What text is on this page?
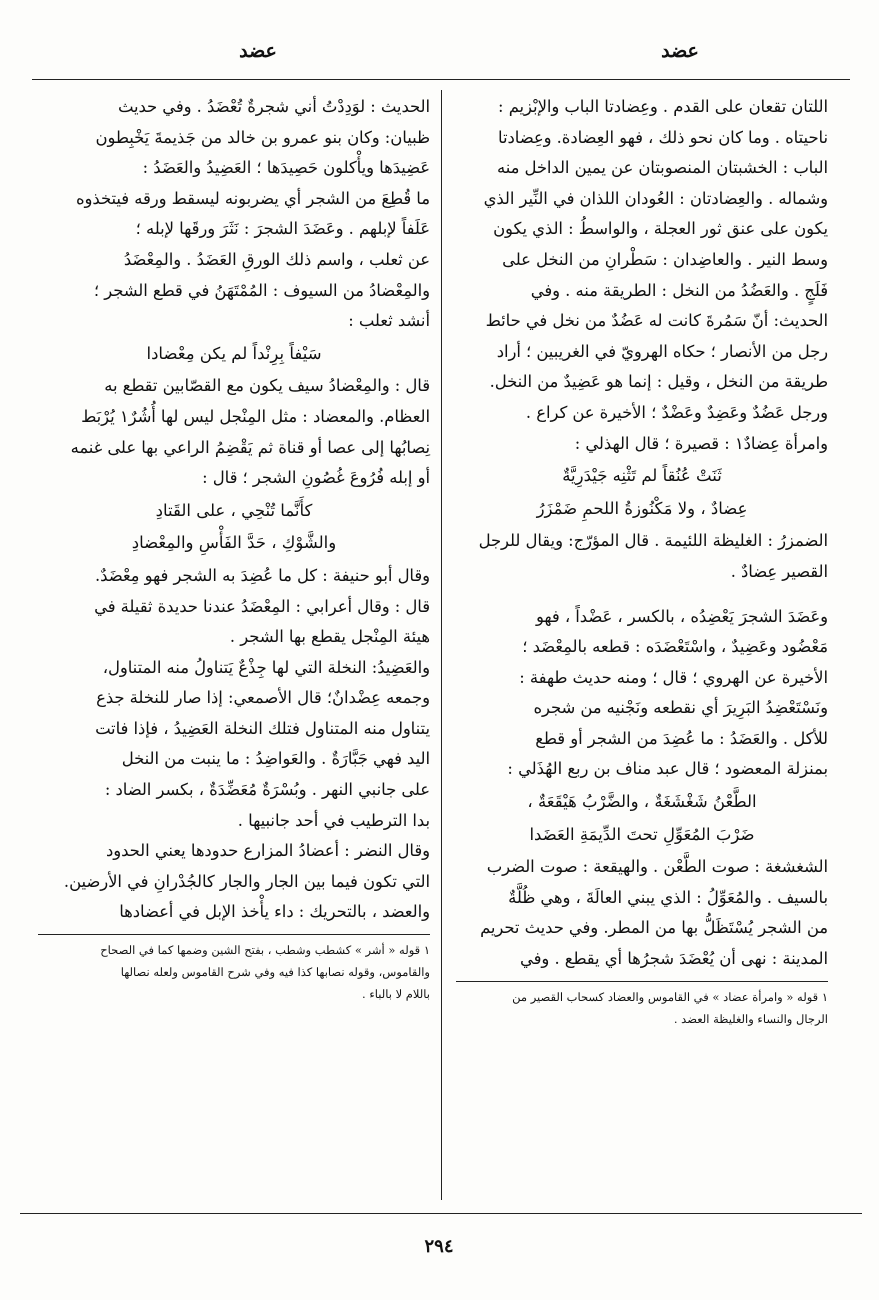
عضد
عضد

اللتان تقعان على القدم . وعِضادتا الباب والإبْزيم :

ناحيتاه . وما كان نحو ذلك ، فهو العِضادة. وعِضادتا

الباب : الخشبتان المنصوبتان عن يمين الداخل منه

وشماله . والعِضادتان : العُودان اللذان في النِّير الذي

يكون على عنق ثور العجلة ، والواسطُ : الذي يكون

وسط النير . والعاضِدان : سَطْرانِ من النخل على

فَلَجٍ . والعَضُدُ من النخل : الطريقة منه . وفي

الحديث: أنّ سَمُرةَ كانت له عَضُدٌ من نخل في حائط

رجل من الأنصار ؛ حكاه الهرويّ في الغريبين ؛ أراد

طريقة من النخل ، وقيل : إنما هو عَضِيدٌ من النخل.

ورجل عَضُدٌ وعَضِدٌ وعَضْدٌ ؛ الأخيرة عن كراع .

وامرأة عِضادٌ١ : قصيرة ؛ قال الهذلي :

ثَنَتْ عُنُقاً لم تَثْنِه جَيْدَرِيَّةٌ

عِضادٌ ، ولا مَكْنُوزةُ اللحمِ ضَمْزَرُ

الضمزرُ : الغليظة اللئيمة . قال المؤرّج: ويقال للرجل

القصير عِضادٌ .

وعَضَدَ الشجرَ يَعْضِدُه ، بالكسر ، عَضْداً ، فهو

مَعْضُود وعَضِيدٌ ، واسْتَعْضَدَه : قطعه بالمِعْضَد ؛

الأخيرة عن الهروي ؛ قال ؛ ومنه حديث طهفة :

ونَسْتَعْضِدُ البَرِيرَ أي نقطعه ونَجْنيه من شجره

للأكل . والعَضَدُ : ما عُضِدَ من الشجر أو قطع

بمنزلة المعضود ؛ قال عبد مناف بن ربع الهُذَلي :

الطَّعْنُ شَغْشَغَةٌ ، والضَّرْبُ هَيْقَعَةٌ ،

ضَرْبَ المُعَوِّلِ تحتَ الدِّيمَةِ العَضَدا

الشغشغة : صوت الطَّعْن . والهيقعة : صوت الضرب

بالسيف . والمُعَوِّلُ : الذي يبني العالَةَ ، وهي ظُلَّةٌ

من الشجر يُسْتَظَلُّ بها من المطر. وفي حديث تحريم

المدينة : نهى أن يُعْضَدَ شجرُها أي يقطع . وفي

١ قوله « وامرأة عضاد » في القاموس والعضاد كسحاب القصير من

الرجال والنساء والغليظة العضد .

الحديث : لوَدِدْتُ أني شجرةٌ تُعْضَدُ . وفي حديث

ظبيان: وكان بنو عمرو بن خالد من جَذيمةَ يَخْبِطون

عَضِيدَها ويأْكلون حَصِيدَها ؛ العَضِيدُ والعَضَدُ :

ما قُطِعَ من الشجر أي يضربونه ليسقط ورقه فيتخذوه

عَلَفاً لإبلهم . وعَضَدَ الشجرَ : نَثَرَ ورقَها لإبله ؛

عن ثعلب ، واسم ذلك الورقِ العَضَدُ . والمِعْضَدُ

والمِعْضادُ من السيوف : المُمْتَهَنُ في قطع الشجر ؛

أنشد ثعلب :

سَيْفاً بِرِنْداً لم يكن مِعْضادا

قال : والمِعْضادُ سيف يكون مع القصّابين تقطع به

العظام. والمعضاد : مثل المِنْجل ليس لها أُشُرٌ١ يُرْبَط

نِصابُها إلى عصا أو قناة ثم يَقْضِمُ الراعي بها على غنمه

أو إبله فُرُوعَ غُصُونِ الشجر ؛ قال :

كأَنَّما تُنْحِي ، على القَتادِ

والشَّوْكِ ، حَدَّ الفَأْسِ والمِعْضادِ

وقال أبو حنيفة : كل ما عُضِدَ به الشجر فهو مِعْضَدٌ.

قال : وقال أعرابي : المِعْضَدُ عندنا حديدة ثقيلة في

هيئة المِنْجل يقطع بها الشجر .

والعَضِيدُ: النخلة التي لها جِذْعٌ يَتناولُ منه المتناول،

وجمعه عِضْدانٌ؛ قال الأصمعي: إذا صار للنخلة جذع

يتناول منه المتناول فتلك النخلة العَضِيدُ ، فإذا فاتت

اليد فهي جَبَّارَةٌ . والعَواضِدُ : ما ينبت من النخل

على جانبي النهر . وبُسْرَةٌ مُعَضِّدَةٌ ، بكسر الضاد :

بدا الترطيب في أحد جانبيها .

وقال النضر : أعضادُ المزارع حدودها يعني الحدود

التي تكون فيما بين الجار والجار كالجُدْرانِ في الأرضين.

والعضد ، بالتحريك : داء يأْخذ الإبل في أعضادها

١ قوله « أشر » كشطب وشطب ، بفتح الشين وضمها كما في الصحاح

والقاموس، وقوله نصابها كذا فيه وفي شرح القاموس ولعله نصالها

باللام لا بالباء .

٢٩٤
